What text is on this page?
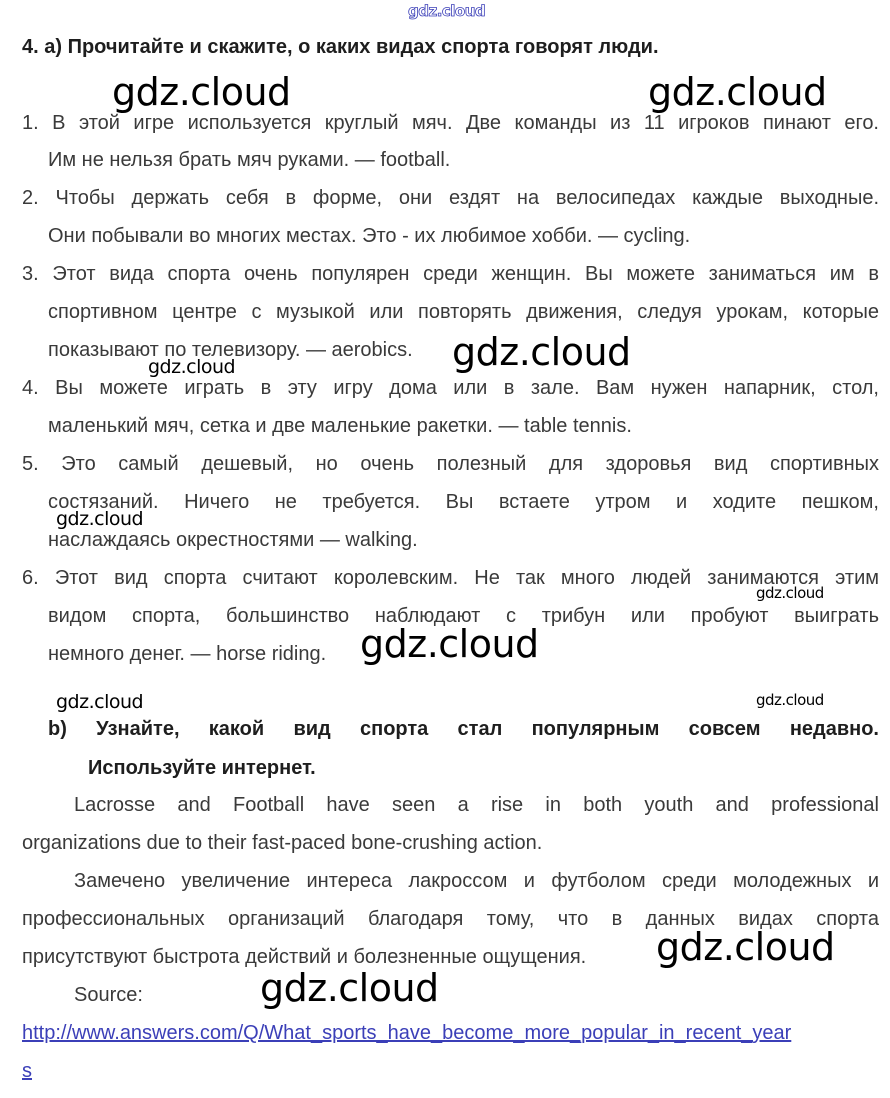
4. a) Прочитайте и скажите, о каких видах спорта говорят люди.
1. В этой игре используется круглый мяч. Две команды из 11 игроков пинают его.
Им не нельзя брать мяч руками. — football.
2. Чтобы держать себя в форме, они ездят на велосипедах каждые выходные.
Они побывали во многих местах. Это - их любимое хобби. — cycling.
3. Этот вида спорта очень популярен среди женщин. Вы можете заниматься им в
спортивном центре с музыкой или повторять движения, следуя урокам, которые
показывают по телевизору. — aerobics.
4. Вы можете играть в эту игру дома или в зале. Вам нужен напарник, стол,
маленький мяч, сетка и две маленькие ракетки. — table tennis.
5. Это самый дешевый, но очень полезный для здоровья вид спортивных
состязаний. Ничего не требуется. Вы встаете утром и ходите пешком,
наслаждаясь окрестностями — walking.
6. Этот вид спорта считают королевским. Не так много людей занимаются этим
видом спорта, большинство наблюдают с трибун или пробуют выиграть
немного денег. — horse riding.
b) Узнайте, какой вид спорта стал популярным совсем недавно.
Используйте интернет.
Lacrosse and Football have seen a rise in both youth and professional
organizations due to their fast-paced bone-crushing action.
Замечено увеличение интереса лакроссом и футболом среди молодежных и
профессиональных организаций благодаря тому, что в данных видах спорта
присутствуют быстрота действий и болезненные ощущения.
Source:
http://www.answers.com/Q/What_sports_have_become_more_popular_in_recent_year
s
gdz.cloud
gdz.cloud	gdz.cloud
gdz.cloud
gdz.cloud
gdz.cloud
gdz.cloud
gdz.cloud
gdz.cloud	gdz.cloud
gdz.cloud
gdz.cloud
